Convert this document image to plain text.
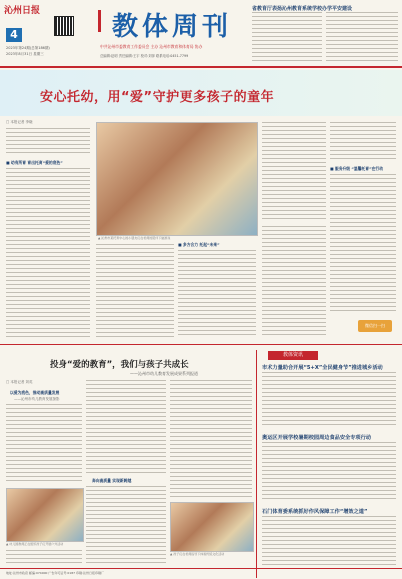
沁州日报
4
2023年第24期(总第186期)
2023年8月31日 星期三
教体周刊
中共沁州市委教育工作委员会 主办 沁州市教育和体育局 协办
总编辑:赵明 责任编辑:王宇 校对:刘萍 联系电话:0451-7799
省教育厅表扬沁州教育系统学校办学平安建设
安心托幼，用“爱”守护更多孩子的童年
□ 本报记者 李晓
■ 幼有所育 育出托育“爱的底色”
▲ 沁州市某托育中心的小朋友们在老师的陪伴下做游戏
■ 多方合力 托起“未来”
■ 服务升级 “温馨托育”在行动
微信扫一扫
投身“爱的教育”，我们与孩子共成长
——沁州市幼儿教育发展成果系列报道
□ 本报记者 刘英
以爱为底色，推动高质量发展
——沁州市幼儿教育发展掠影
▲ 幼儿园教师正在组织孩子们开展户外活动
奔向高质量 实现新跨越
▲ 孩子们在老师指导下体验传统文化活动
教体资讯
市术力量助合开展“5+X”全民健身节”推进城乡活动
奥运区开展学校暑期校园周边食品安全专项行动
石门体育委系统抓好作风保障工作“增效之道”
地址:沁州市政府 邮编:074000 广告许可证号:0187 印刷:沁州日报印刷厂
